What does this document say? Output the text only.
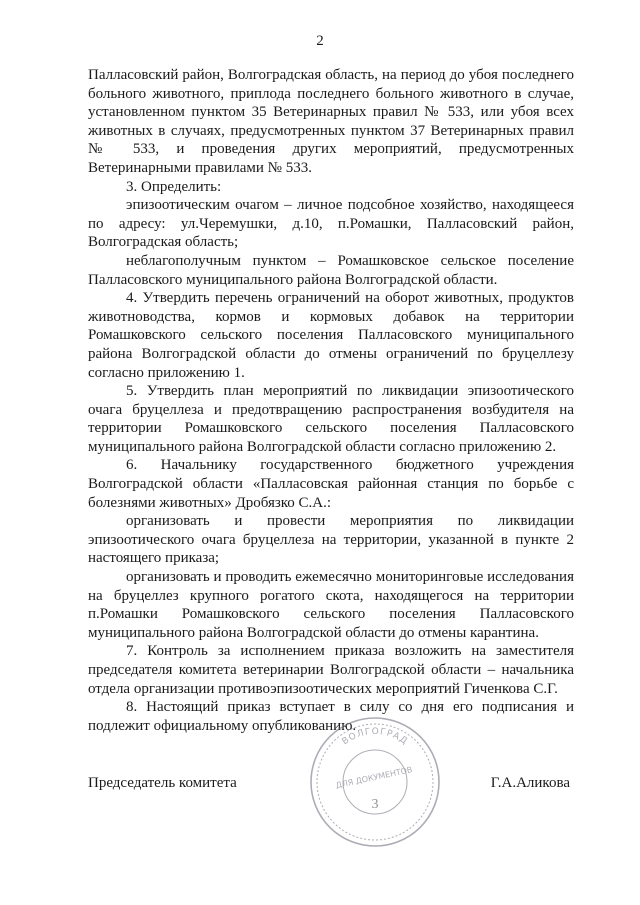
2

Палласовский район, Волгоградская область, на период до убоя последнего больного животного, приплода последнего больного животного в случае, установленном пунктом 35 Ветеринарных правил № 533, или убоя всех животных в случаях, предусмотренных пунктом 37 Ветеринарных правил № 533, и проведения других мероприятий, предусмотренных Ветеринарными правилами № 533.

3. Определить:

эпизоотическим очагом – личное подсобное хозяйство, находящееся по адресу: ул.Черемушки, д.10, п.Ромашки, Палласовский район, Волгоградская область;

неблагополучным пунктом – Ромашковское сельское поселение Палласовского муниципального района Волгоградской области.

4. Утвердить перечень ограничений на оборот животных, продуктов животноводства, кормов и кормовых добавок на территории Ромашковского сельского поселения Палласовского муниципального района Волгоградской области до отмены ограничений по бруцеллезу согласно приложению 1.

5. Утвердить план мероприятий по ликвидации эпизоотического очага бруцеллеза и предотвращению распространения возбудителя на территории Ромашковского сельского поселения Палласовского муниципального района Волгоградской области согласно приложению 2.

6. Начальнику государственного бюджетного учреждения Волгоградской области «Палласовская районная станция по борьбе с болезнями животных» Дробязко С.А.:

организовать и провести мероприятия по ликвидации эпизоотического очага бруцеллеза на территории, указанной в пункте 2 настоящего приказа;

организовать и проводить ежемесячно мониторинговые исследования на бруцеллез крупного рогатого скота, находящегося на территории п.Ромашки Ромашковского сельского поселения Палласовского муниципального района Волгоградской области до отмены карантина.

7. Контроль за исполнением приказа возложить на заместителя председателя комитета ветеринарии Волгоградской области – начальника отдела организации противоэпизоотических мероприятий Гиченкова С.Г.

8. Настоящий приказ вступает в силу со дня его подписания и подлежит официальному опубликованию.

ВОЛГОГРАД
ДЛЯ ДОКУМЕНТОВ
3
Председатель комитета	Г.А.Аликова
